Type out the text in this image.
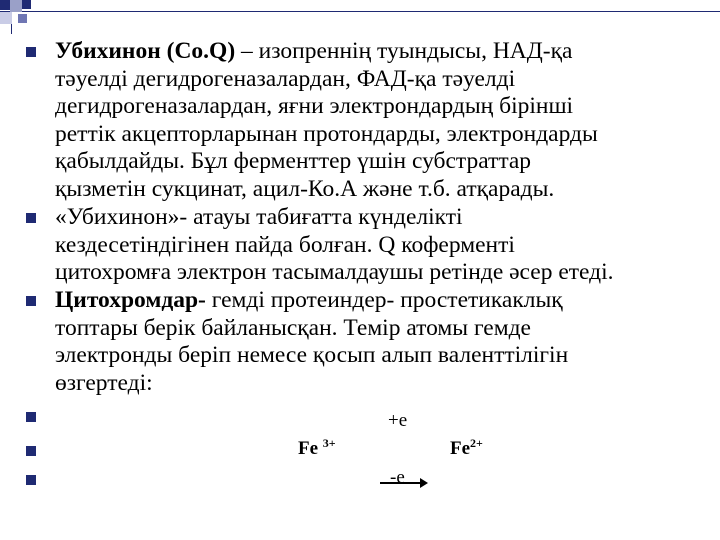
Убихинон (Co.Q) – изопреннің туындысы, НАД-қа
тәуелді дегидрогеназалардан, ФАД-қа тәуелді
дегидрогеназалардан, яғни электрондардың бірінші
реттік акцепторларынан протондарды, электрондарды
қабылдайды. Бұл ферменттер үшін субстраттар
қызметін сукцинат, ацил-Ко.А және т.б. атқарады.
«Убихинон»- атауы табиғатта күнделікті
кездесетіндігінен пайда болған. Q коферменті
цитохромға электрон тасымалдаушы ретінде әсер етеді.
Цитохромдар- гемді протеиндер- простетикаклық
топтары берік байланысқан. Темір атомы гемде
электронды беріп немесе қосып алып валенттілігін
өзгертеді:
+e
Fe $^{3+}$	$Fe^{2+}$
-e
